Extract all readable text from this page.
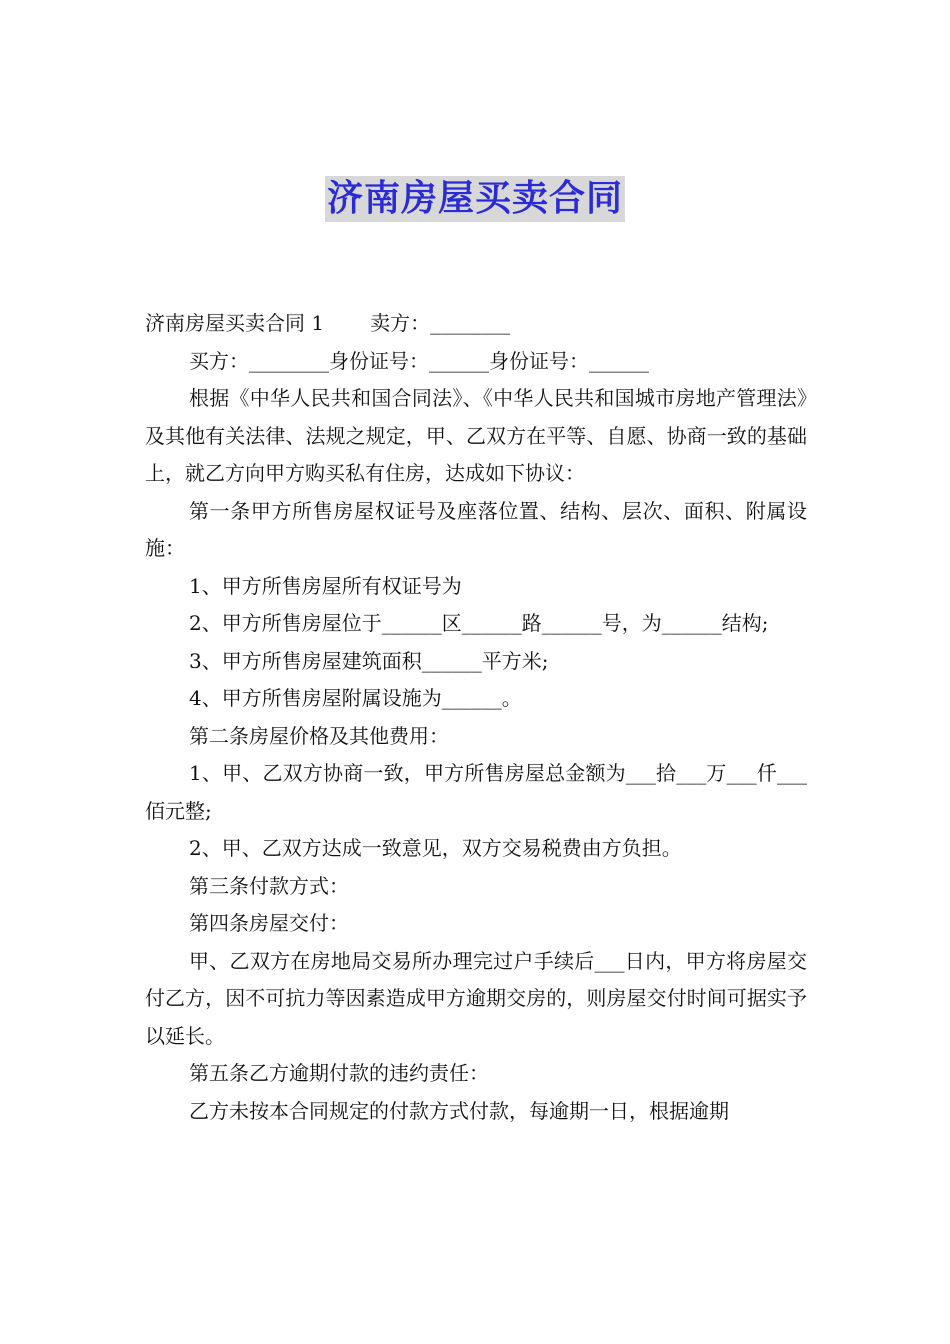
济南房屋买卖合同

济南房屋买卖合同 1 卖方：________

买方：________身份证号：______身份证号：______

根据《中华人民共和国合同法》、《中华人民共和国城市房地产管理法》及其他有关法律、法规之规定，甲、乙双方在平等、自愿、协商一致的基础上，就乙方向甲方购买私有住房，达成如下协议：

第一条甲方所售房屋权证号及座落位置、结构、层次、面积、附属设施：

1、甲方所售房屋所有权证号为

2、甲方所售房屋位于______区______路______号，为______结构;

3、甲方所售房屋建筑面积______平方米;

4、甲方所售房屋附属设施为______。

第二条房屋价格及其他费用：

1、甲、乙双方协商一致，甲方所售房屋总金额为___拾___万___仟___佰元整;

2、甲、乙双方达成一致意见，双方交易税费由方负担。

第三条付款方式：

第四条房屋交付：

甲、乙双方在房地局交易所办理完过户手续后___日内，甲方将房屋交付乙方，因不可抗力等因素造成甲方逾期交房的，则房屋交付时间可据实予以延长。

第五条乙方逾期付款的违约责任：

乙方未按本合同规定的付款方式付款，每逾期一日，根据逾期
